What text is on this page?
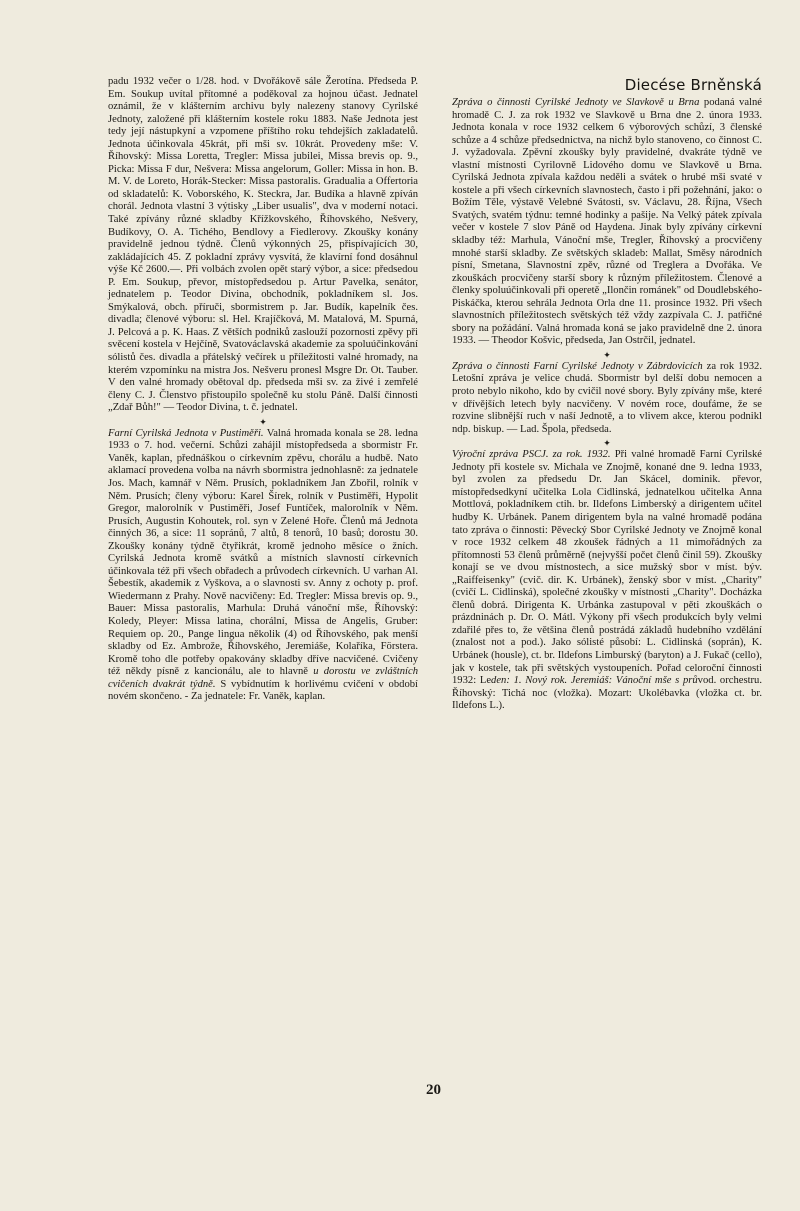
padu 1932 večer o 1/28. hod. v Dvořákově sále Žerotína. Předseda P. Em. Soukup uvítal přítomné a poděkoval za hojnou účast. Jednatel oznámil, že v klášterním archivu byly nalezeny stanovy Cyrilské Jednoty, založené při klášterním kostele roku 1883. Naše Jednota jest tedy její nástupkyní a vzpomene příštího roku tehdejších zakladatelů. Jednota účinkovala 45krát, při mši sv. 10krát. Provedeny mše: V. Říhovský: Missa Loretta, Tregler: Missa jubilei, Missa brevis op. 9., Picka: Missa F dur, Nešvera: Missa angelorum, Goller: Missa in hon. B. M. V. de Loreto, Horák-Stecker: Missa pastoralis. Gradualia a Offertoria od skladatelů: K. Voborského, K. Steckra, Jar. Budíka a hlavně zpíván chorál. Jednota vlastní 3 výtisky „Liber usualis", dva v moderní notaci. Také zpívány různé skladby Křížkovského, Říhovského, Nešvery, Budíkovy, O. A. Tichého, Bendlovy a Fiedlerovy. Zkoušky konány pravidelně jednou týdně. Členů výkonných 25, přispívajících 30, zakládajících 45. Z pokladní zprávy vysvítá, že klavírní fond dosáhnul výše Kč 2600.—. Při volbách zvolen opět starý výbor, a sice: předsedou P. Em. Soukup, převor, místopředsedou p. Artur Pavelka, senátor, jednatelem p. Teodor Divina, obchodník, pokladníkem sl. Jos. Smýkalová, obch. příruči, sbormistrem p. Jar. Budík, kapelník čes. divadla; členové výboru: sl. Hel. Krajíčková, M. Matalová, M. Spurná, J. Pelcová a p. K. Haas. Z větších podniků zaslouží pozornosti zpěvy při svěcení kostela v Hejčíně, Svatováclavská akademie za spoluúčinkování sólistů čes. divadla a přátelský večírek u příležitosti valné hromady, na kterém vzpomínku na mistra Jos. Nešveru pronesl Msgre Dr. Ot. Tauber. V den valné hromady obětoval dp. předseda mši sv. za živé i zemřelé členy C. J. Členstvo přistoupilo společně ku stolu Páně. Další činnosti „Zdař Bůh!" — Teodor Divina, t. č. jednatel.

✦

Farní Cyrilská Jednota v Pustiměři. Valná hromada konala se 28. ledna 1933 o 7. hod. večerní. Schůzi zahájil místopředseda a sbormistr Fr. Vaněk, kaplan, přednáškou o církevním zpěvu, chorálu a hudbě. Nato aklamací provedena volba na návrh sbormistra jednohlasně: za jednatele Jos. Mach, kamnář v Něm. Prusích, pokladníkem Jan Zbořil, rolník v Něm. Prusích; členy výboru: Karel Šírek, rolník v Pustiměři, Hypolit Gregor, malorolník v Pustiměři, Josef Funtíček, malorolník v Něm. Prusích, Augustin Kohoutek, rol. syn v Zelené Hoře. Členů má Jednota činných 36, a sice: 11 sopránů, 7 altů, 8 tenorů, 10 basů; dorostu 30. Zkoušky konány týdně čtyřikrát, kromě jednoho měsíce o žních. Cyrilská Jednota kromě svátků a místních slavností církevních účinkovala též při všech obřadech a průvodech církevních. U varhan Al. Šebestík, akademik z Vyškova, a o slavnosti sv. Anny z ochoty p. prof. Wiedermann z Prahy. Nově nacvičeny: Ed. Tregler: Missa brevis op. 9., Bauer: Missa pastoralis, Marhula: Druhá vánoční mše, Říhovský: Koledy, Pleyer: Missa latina, chorální, Missa de Angelis, Gruber: Requiem op. 20., Pange lingua několik (4) od Říhovského, pak menší skladby od Ez. Ambrože, Říhovského, Jeremiáše, Kolaříka, Förstera. Kromě toho dle potřeby opakovány skladby dříve nacvičené. Cvičeny též někdy písně z kancionálu, ale to hlavně u dorostu ve zvláštních cvičeních dvakrát týdně. S vybídnutím k horlivému cvičení v období novém skončeno. - Za jednatele: Fr. Vaněk, kaplan.

Diecése Brněnská

Zpráva o činnosti Cyrilské Jednoty ve Slavkově u Brna podaná valné hromadě C. J. za rok 1932 ve Slavkově u Brna dne 2. února 1933. Jednota konala v roce 1932 celkem 6 výborových schůzí, 3 členské schůze a 4 schůze předsednictva, na nichž bylo stanoveno, co činnost C. J. vyžadovala. Zpěvní zkoušky byly pravidelné, dvakráte týdně ve vlastní místnosti Cyrilovně Lidového domu ve Slavkově u Brna. Cyrilská Jednota zpívala každou neděli a svátek o hrubé mši svaté v kostele a při všech církevních slavnostech, často i při požehnání, jako: o Božím Těle, výstavě Velebné Svátosti, sv. Václavu, 28. Října, Všech Svatých, svatém týdnu: temné hodinky a pašije. Na Velký pátek zpívala večer v kostele 7 slov Páně od Haydena. Jinak byly zpívány církevní skladby též: Marhula, Vánoční mše, Tregler, Říhovský a procvičeny mnohé starší skladby. Ze světských skladeb: Mallat, Směsy národních písní, Smetana, Slavnostní zpěv, různé od Treglera a Dvořáka. Ve zkouškách procvičeny starší sbory k různým příležitostem. Členové a členky spoluúčinkovali při operetě „Ilončin románek" od Doudlebského-Piskáčka, kterou sehrála Jednota Orla dne 11. prosince 1932. Při všech slavnostních příležitostech světských též vždy zazpívala C. J. patřičné sbory na požádání. Valná hromada koná se jako pravidelně dne 2. února 1933. — Theodor Košvic, předseda, Jan Ostrčil, jednatel.

✦

Zpráva o činnosti Farní Cyrilské Jednoty v Zábrdovicích za rok 1932. Letošní zpráva je velice chudá. Sbormistr byl delší dobu nemocen a proto nebylo nikoho, kdo by cvičil nové sbory. Byly zpívány mše, které v dřívějších letech byly nacvičeny. V novém roce, doufáme, že se rozvine slibnější ruch v naší Jednotě, a to vlivem akce, kterou podnikl ndp. biskup. — Lad. Špola, předseda.

✦

Výroční zpráva PSCJ. za rok. 1932. Při valné hromadě Farní Cyrilské Jednoty při kostele sv. Michala ve Znojmě, konané dne 9. ledna 1933, byl zvolen za předsedu Dr. Jan Skácel, dominik. převor, místopředsedkyní učitelka Lola Cidlinská, jednatelkou učitelka Anna Mottlová, pokladníkem ctih. br. Ildefons Limberský a dirigentem učitel hudby K. Urbánek. Panem dirigentem byla na valné hromadě podána tato zpráva o činnosti: Pěvecký Sbor Cyrilské Jednoty ve Znojmě konal v roce 1932 celkem 48 zkoušek řádných a 11 mimořádných za přítomnosti 53 členů průměrně (nejvyšší počet členů činil 59). Zkoušky konají se ve dvou místnostech, a sice mužský sbor v míst. býv. „Raiffeisenky" (cvič. dir. K. Urbánek), ženský sbor v míst. „Charity" (cvičí L. Cidlinská), společné zkoušky v místnosti „Charity". Docházka členů dobrá. Dirigenta K. Urbánka zastupoval v pěti zkouškách o prázdninách p. Dr. O. Mátl. Výkony při všech produkcích byly velmi zdařilé přes to, že většina členů postrádá základů hudebního vzdělání (znalost not a pod.). Jako sólisté působí: L. Cidlinská (soprán), K. Urbánek (housle), ct. br. Ildefons Limburský (baryton) a J. Fukač (cello), jak v kostele, tak při světských vystoupeních. Pořad celoroční činnosti 1932: Leden: 1. Nový rok. Jeremiáš: Vánoční mše s průvod. orchestru. Říhovský: Tichá noc (vložka). Mozart: Ukolébavka (vložka ct. br. Ildefons L.).

20
